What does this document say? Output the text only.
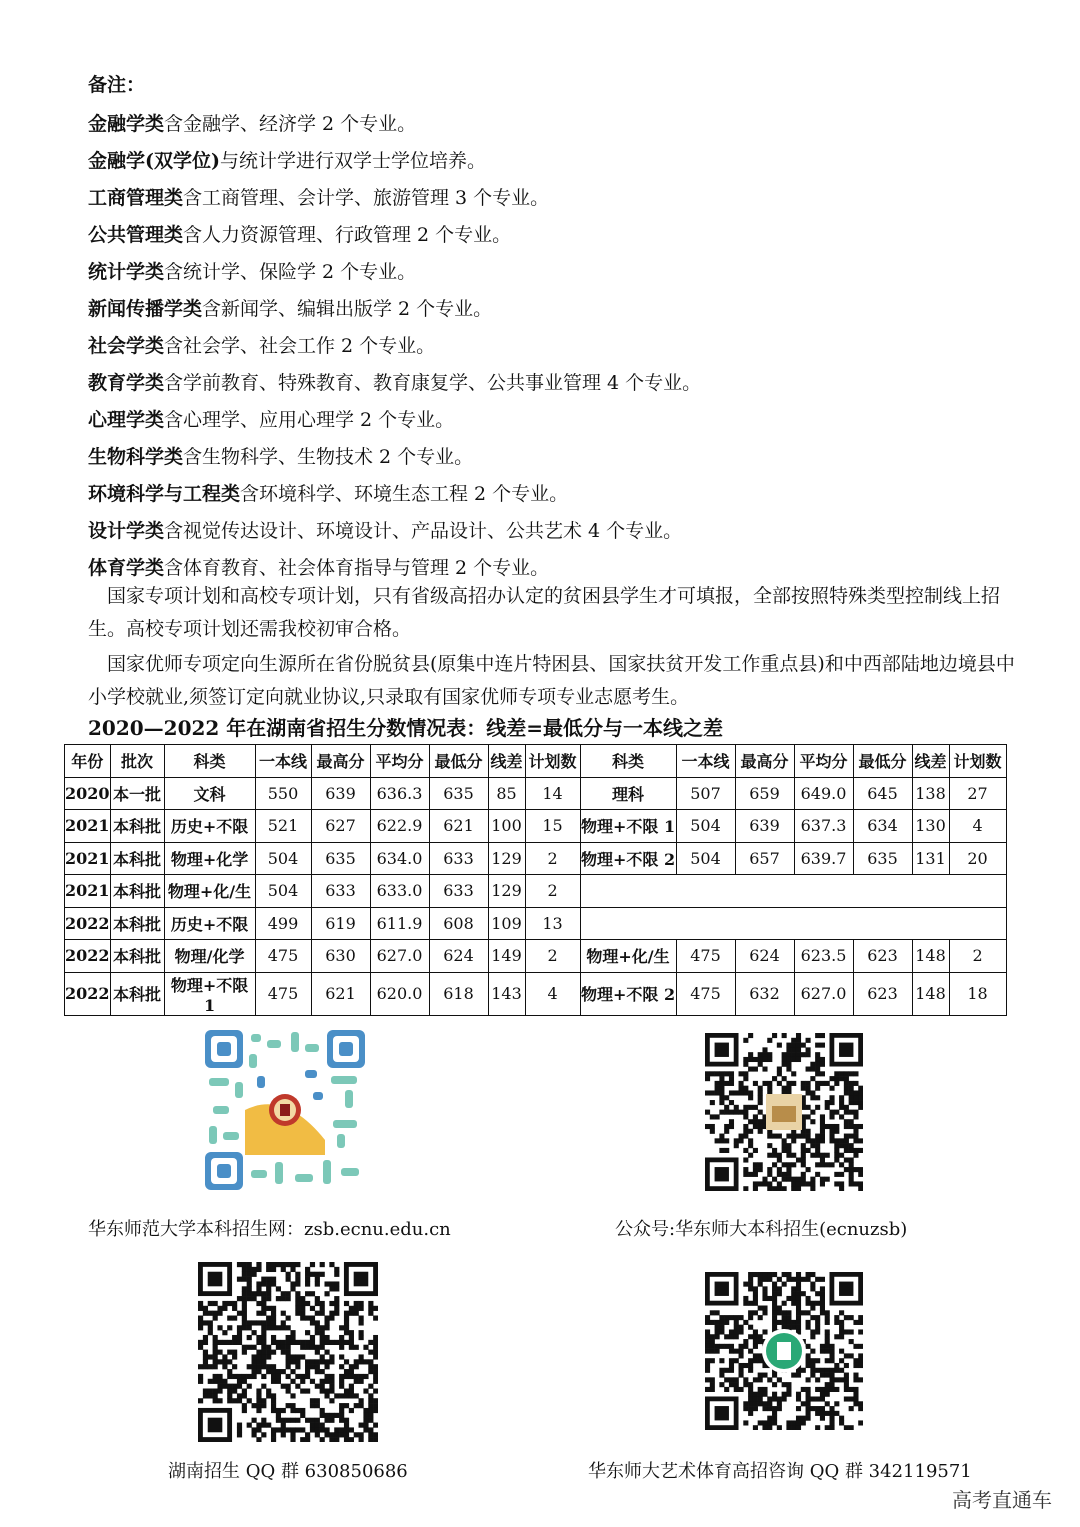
备注：
金融学类含金融学、经济学 2 个专业。
金融学(双学位)与统计学进行双学士学位培养。
工商管理类含工商管理、会计学、旅游管理 3 个专业。
公共管理类含人力资源管理、行政管理 2 个专业。
统计学类含统计学、保险学 2 个专业。
新闻传播学类含新闻学、编辑出版学 2 个专业。
社会学类含社会学、社会工作 2 个专业。
教育学类含学前教育、特殊教育、教育康复学、公共事业管理 4 个专业。
心理学类含心理学、应用心理学 2 个专业。
生物科学类含生物科学、生物技术 2 个专业。
环境科学与工程类含环境科学、环境生态工程 2 个专业。
设计学类含视觉传达设计、环境设计、产品设计、公共艺术 4 个专业。
体育学类含体育教育、社会体育指导与管理 2 个专业。
　国家专项计划和高校专项计划，只有省级高招办认定的贫困县学生才可填报，全部按照特殊类型控制线上招生。高校专项计划还需我校初审合格。
　国家优师专项定向生源所在省份脱贫县(原集中连片特困县、国家扶贫开发工作重点县)和中西部陆地边境县中小学校就业,须签订定向就业协议,只录取有国家优师专项专业志愿考生。
2020—2022 年在湖南省招生分数情况表：线差=最低分与一本线之差
年份	批次	科类	一本线	最高分	平均分	最低分	线差	计划数	科类	一本线	最高分	平均分	最低分	线差	计划数
2020	本一批	文科	550	639	636.3	635	85	14	理科	507	659	649.0	645	138	27
2021	本科批	历史+不限	521	627	622.9	621	100	15	物理+不限 1	504	639	637.3	634	130	4
2021	本科批	物理+化学	504	635	634.0	633	129	2	物理+不限 2	504	657	639.7	635	131	20
2021	本科批	物理+化/生	504	633	633.0	633	129	2							
2022	本科批	历史+不限	499	619	611.9	608	109	13							
2022	本科批	物理/化学	475	630	627.0	624	149	2	物理+化/生	475	624	623.5	623	148	2
2022	本科批	物理+不限 1	475	621	620.0	618	143	4	物理+不限 2	475	632	627.0	623	148	18
华东师范大学本科招生网：zsb.ecnu.edu.cn	公众号:华东师大本科招生(ecnuzsb)
湖南招生 QQ 群 630850686	华东师大艺术体育高招咨询 QQ 群 342119571
高考直通车
